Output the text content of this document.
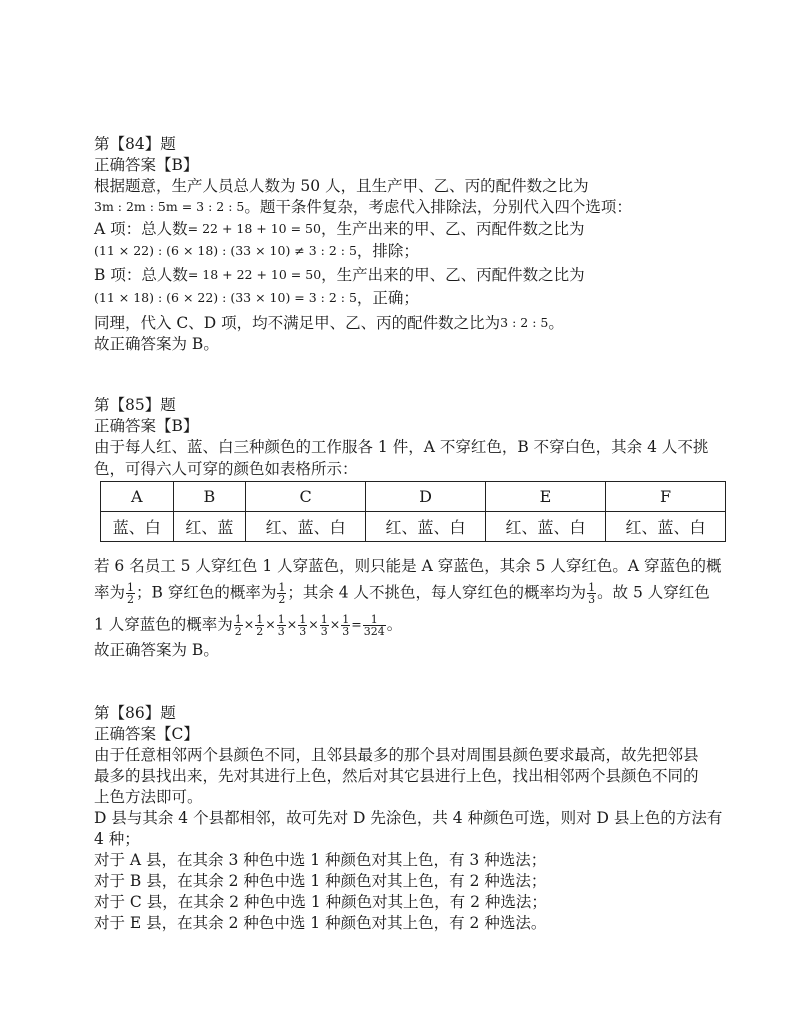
第【84】题
正确答案【B】
根据题意，生产人员总人数为 50 人，且生产甲、乙、丙的配件数之比为
3m : 2m : 5m = 3 : 2 : 5。题干条件复杂，考虑代入排除法，分别代入四个选项：
A 项：总人数= 22 + 18 + 10 = 50，生产出来的甲、乙、丙配件数之比为
(11 × 22) : (6 × 18) : (33 × 10) ≠ 3 : 2 : 5，排除；
B 项：总人数= 18 + 22 + 10 = 50，生产出来的甲、乙、丙配件数之比为
(11 × 18) : (6 × 22) : (33 × 10) = 3 : 2 : 5，正确；
同理，代入 C、D 项，均不满足甲、乙、丙的配件数之比为3 : 2 : 5。
故正确答案为 B。
第【85】题
正确答案【B】
由于每人红、蓝、白三种颜色的工作服各 1 件，A 不穿红色，B 不穿白色，其余 4 人不挑
色，可得六人可穿的颜色如表格所示：
A	B	C	D	E	F
蓝、白	红、蓝	红、蓝、白	红、蓝、白	红、蓝、白	红、蓝、白
若 6 名员工 5 人穿红色 1 人穿蓝色，则只能是 A 穿蓝色，其余 5 人穿红色。A 穿蓝色的概
率为 $\frac{1}{2}$ ；B 穿红色的概率为 $\frac{1}{2}$ ；其余 4 人不挑色，每人穿红色的概率均为 $\frac{1}{3}$ 。故 5 人穿红色
1 人穿蓝色的概率为 $\frac{1}{2} \times \frac{1}{2} \times \frac{1}{3} \times \frac{1}{3} \times \frac{1}{3} \times \frac{1}{3} = \frac{1}{324}$ 。
故正确答案为 B。
第【86】题
正确答案【C】
由于任意相邻两个县颜色不同，且邻县最多的那个县对周围县颜色要求最高，故先把邻县
最多的县找出来，先对其进行上色，然后对其它县进行上色，找出相邻两个县颜色不同的
上色方法即可。
D 县与其余 4 个县都相邻，故可先对 D 先涂色，共 4 种颜色可选，则对 D 县上色的方法有
4 种；
对于 A 县，在其余 3 种色中选 1 种颜色对其上色，有 3 种选法；
对于 B 县，在其余 2 种色中选 1 种颜色对其上色，有 2 种选法；
对于 C 县，在其余 2 种色中选 1 种颜色对其上色，有 2 种选法；
对于 E 县，在其余 2 种色中选 1 种颜色对其上色，有 2 种选法。
